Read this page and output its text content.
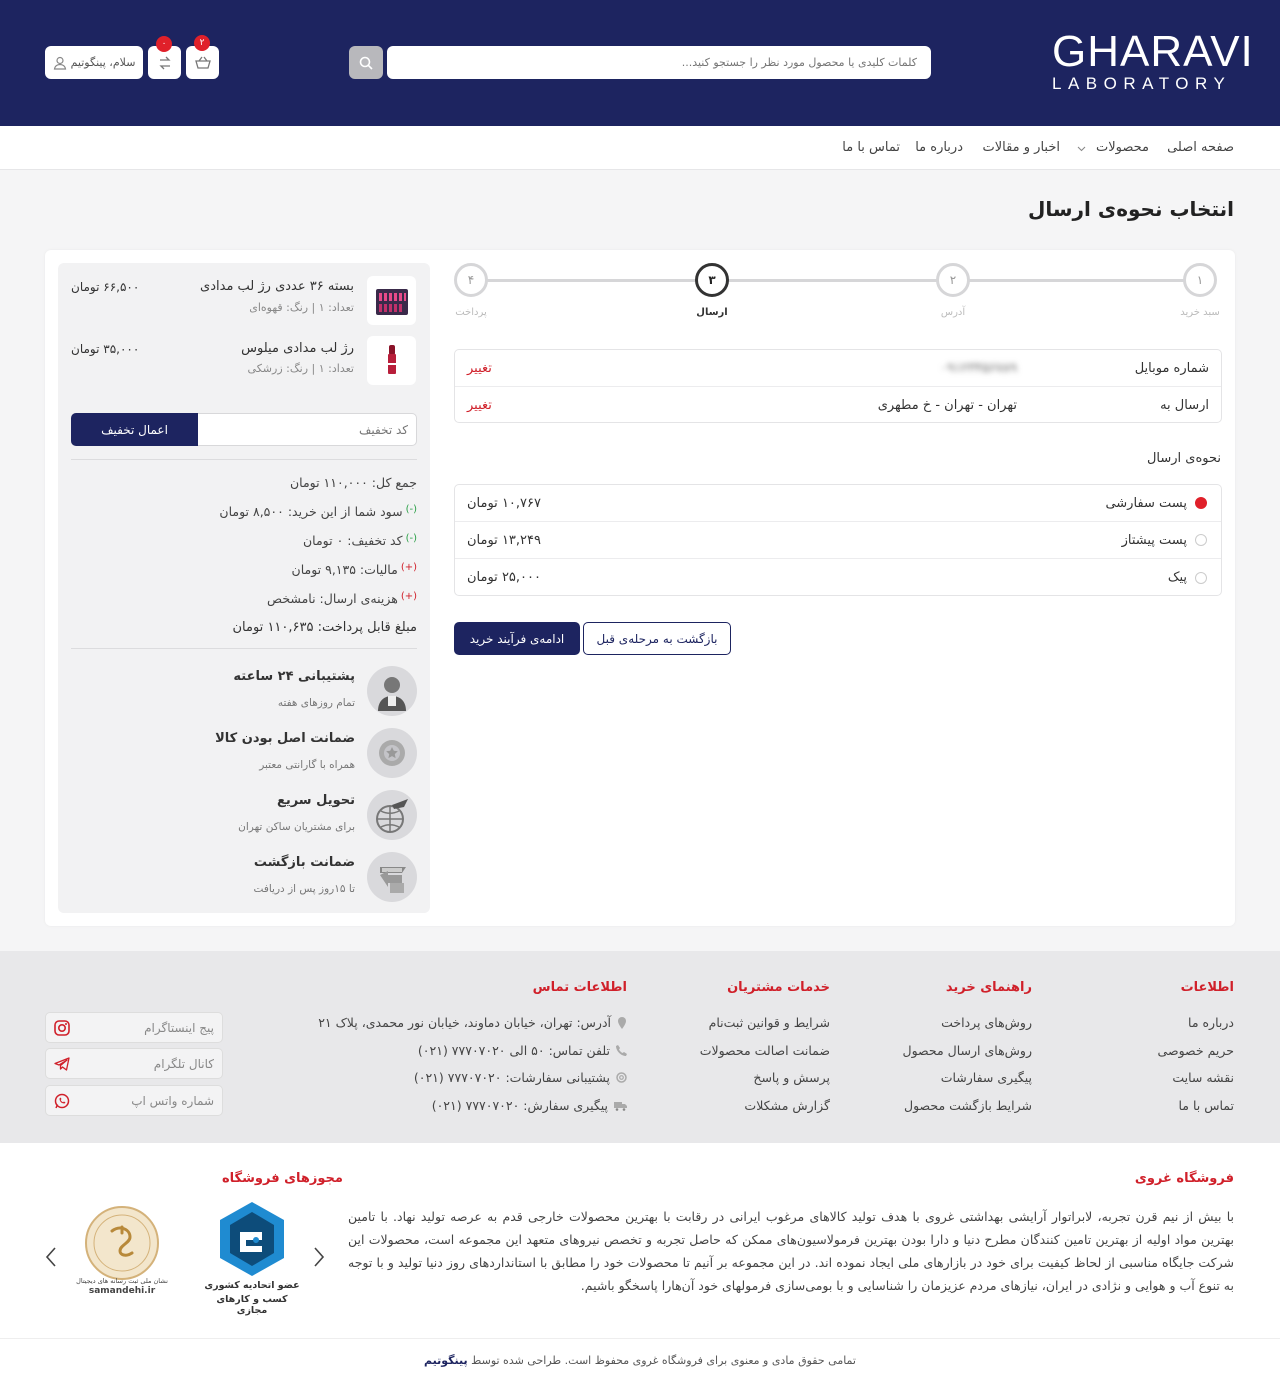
GHARAVI
LABORATORY
کلمات کلیدی یا محصول مورد نظر را جستجو کنید...
سلام، پینگوتیم
۰	۲
صفحه اصلی
محصولات
اخبار و مقالات
درباره ما
تماس با ما
انتخاب نحوه‌ی ارسال
۱
۲
۳
۴
سبد خرید
آدرس
ارسال
پرداخت
شماره موبایل
۰۹۱۲۳۴۵۶۷۸۹
تغییر
ارسال به
تهران - تهران - خ مطهری
تغییر
نحوه‌ی ارسال
پست سفارشی
۱۰,۷۶۷ تومان
پست پیشتاز
۱۳,۲۴۹ تومان
پیک
۲۵,۰۰۰ تومان
بازگشت به مرحله‌ی قبل
ادامه‌ی فرآیند خرید
بسته ۳۶ عددی رژ لب مدادی
تعداد: ۱ | رنگ: قهوه‌ای
۶۶,۵۰۰ تومان
رژ لب مدادی میلوس
تعداد: ۱ | رنگ: زرشکی
۳۵,۰۰۰ تومان
کد تخفیف
اعمال تخفیف
جمع کل: ۱۱۰,۰۰۰ تومان
(-)
سود شما از این خرید: ۸,۵۰۰ تومان
(-)
کد تخفیف: ۰ تومان
(+)
مالیات: ۹,۱۳۵ تومان
(+)
هزینه‌ی ارسال: نامشخص
مبلغ قابل پرداخت: ۱۱۰,۶۳۵ تومان
پشتیبانی ۲۴ ساعته
تمام روزهای هفته
ضمانت اصل بودن کالا
همراه با گارانتی معتبر
تحویل سریع
برای مشتریان ساکن تهران
ضمانت بازگشت
تا ۱۵روز پس از دریافت
اطلاعات
درباره ما
حریم خصوصی
نقشه سایت
تماس با ما
راهنمای خرید
روش‌های پرداخت
روش‌های ارسال محصول
پیگیری سفارشات
شرایط بازگشت محصول
خدمات مشتریان
شرایط و قوانین ثبت‌نام
ضمانت اصالت محصولات
پرسش و پاسخ
گزارش مشکلات
اطلاعات تماس
آدرس: تهران، خیابان دماوند، خیابان نور محمدی، پلاک ۲۱
تلفن تماس: ۵۰ الی ۷۷۷۰۷۰۲۰ (۰۲۱)
پشتیبانی سفارشات: ۷۷۷۰۷۰۲۰ (۰۲۱)
پیگیری سفارش: ۷۷۷۰۷۰۲۰ (۰۲۱)
پیج اینستاگرام
کانال تلگرام
شماره واتس اپ
فروشگاه غروی
با بیش از نیم قرن تجربه، لابراتوار آرایشی بهداشتی غروی با هدف تولید کالاهای مرغوب ایرانی در رقابت با بهترین محصولات خارجی قدم به عرصه تولید نهاد. با تامین بهترین مواد اولیه از بهترین تامین کنندگان مطرح دنیا و دارا بودن بهترین فرمولاسیون‌های ممکن که حاصل تجربه و تخصص نیروهای متعهد این مجموعه است، محصولات این شرکت جایگاه مناسبی از لحاظ کیفیت برای خود در بازارهای ملی ایجاد نموده اند. در این مجموعه بر آنیم تا محصولات خود را مطابق با استانداردهای روز دنیا تولید و با توجه به تنوع آب و هوایی و نژادی در ایران، نیازهای مردم عزیزمان را شناسایی و با بومی‌سازی فرمولهای خود آن‌هارا پاسخگو باشیم.
مجوزهای فروشگاه
عضو اتحادیه کشوری
کسب و کارهای مجازی
نشان ملی ثبت رسانه های دیجیتال
samandehi.ir
تمامی حقوق مادی و معنوی برای فروشگاه غروی محفوظ است. طراحی شده توسط پینگوتیم
